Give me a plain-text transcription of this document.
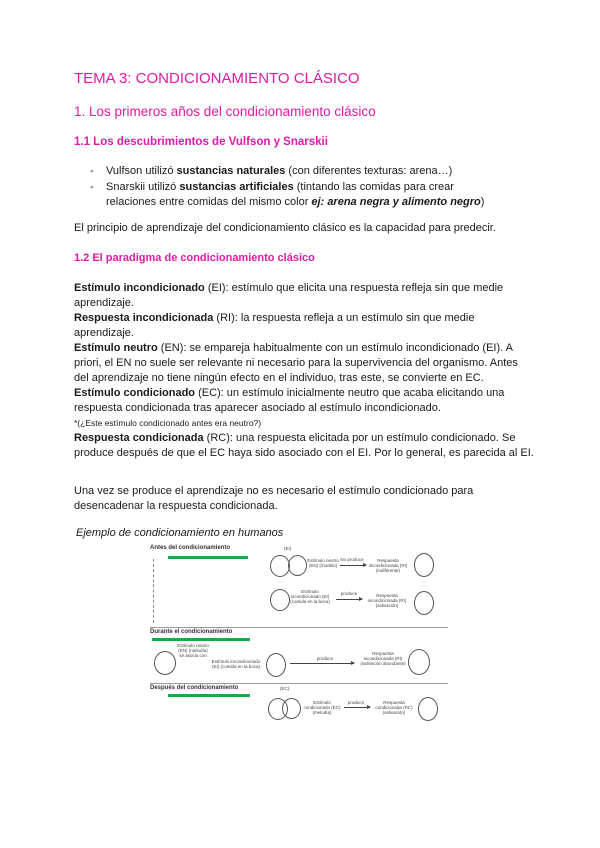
TEMA 3: CONDICIONAMIENTO CLÁSICO
1. Los primeros años del condicionamiento clásico
1.1 Los descubrimientos de Vulfson y Snarskii
- Vulfson utilizó sustancias naturales (con diferentes texturas: arena…)
- Snarskii utilizó sustancias artificiales (tintando las comidas para crear relaciones entre comidas del mismo color ej: arena negra y alimento negro)
El principio de aprendizaje del condicionamiento clásico es la capacidad para predecir.
1.2 El paradigma de condicionamiento clásico

Estímulo incondicionado (EI): estímulo que elicita una respuesta refleja sin que medie aprendizaje.

Respuesta incondicionada (RI): la respuesta refleja a un estímulo sin que medie aprendizaje.

Estímulo neutro (EN): se empareja habitualmente con un estímulo incondicionado (EI). A priori, el EN no suele ser relevante ni necesario para la supervivencia del organismo. Antes del aprendizaje no tiene ningún efecto en el individuo, tras este, se convierte en EC.

Estímulo condicionado (EC): un estímulo inicialmente neutro que acaba elicitando una respuesta condicionada tras aparecer asociado al estímulo incondicionado.

*(¿Este estímulo condicionado antes era neutro?)

Respuesta condicionada (RC): una respuesta elicitada por un estímulo condicionado. Se produce después de que el EC haya sido asociado con el EI. Por lo general, es parecida al EI.

Una vez se produce el aprendizaje no es necesario el estímulo condicionado para desencadenar la respuesta condicionada.
Ejemplo de condicionamiento en humanos
Antes del condicionamiento	(EI)
Estímulo neutro (EN) (modelo)
No produce	Respuesta incondicionada (RI) (indiferente)
Estímulo incondicionado (EI) (comida en la boca)
produce	Respuesta incondicionada (RI) (salivación)
Durante el condicionamiento
Estímulo neutro (EN) (melodía) se asocia con
Estímulo incondicionado (EI) (comida en la boca)
produce
Respuesta incondicionada (RI) (salivación abundante)
Después del condicionamiento	(EC)
Estímulo condicionado (EC) (melodía)
produce	Respuesta condicionada (RC) (salivación)
